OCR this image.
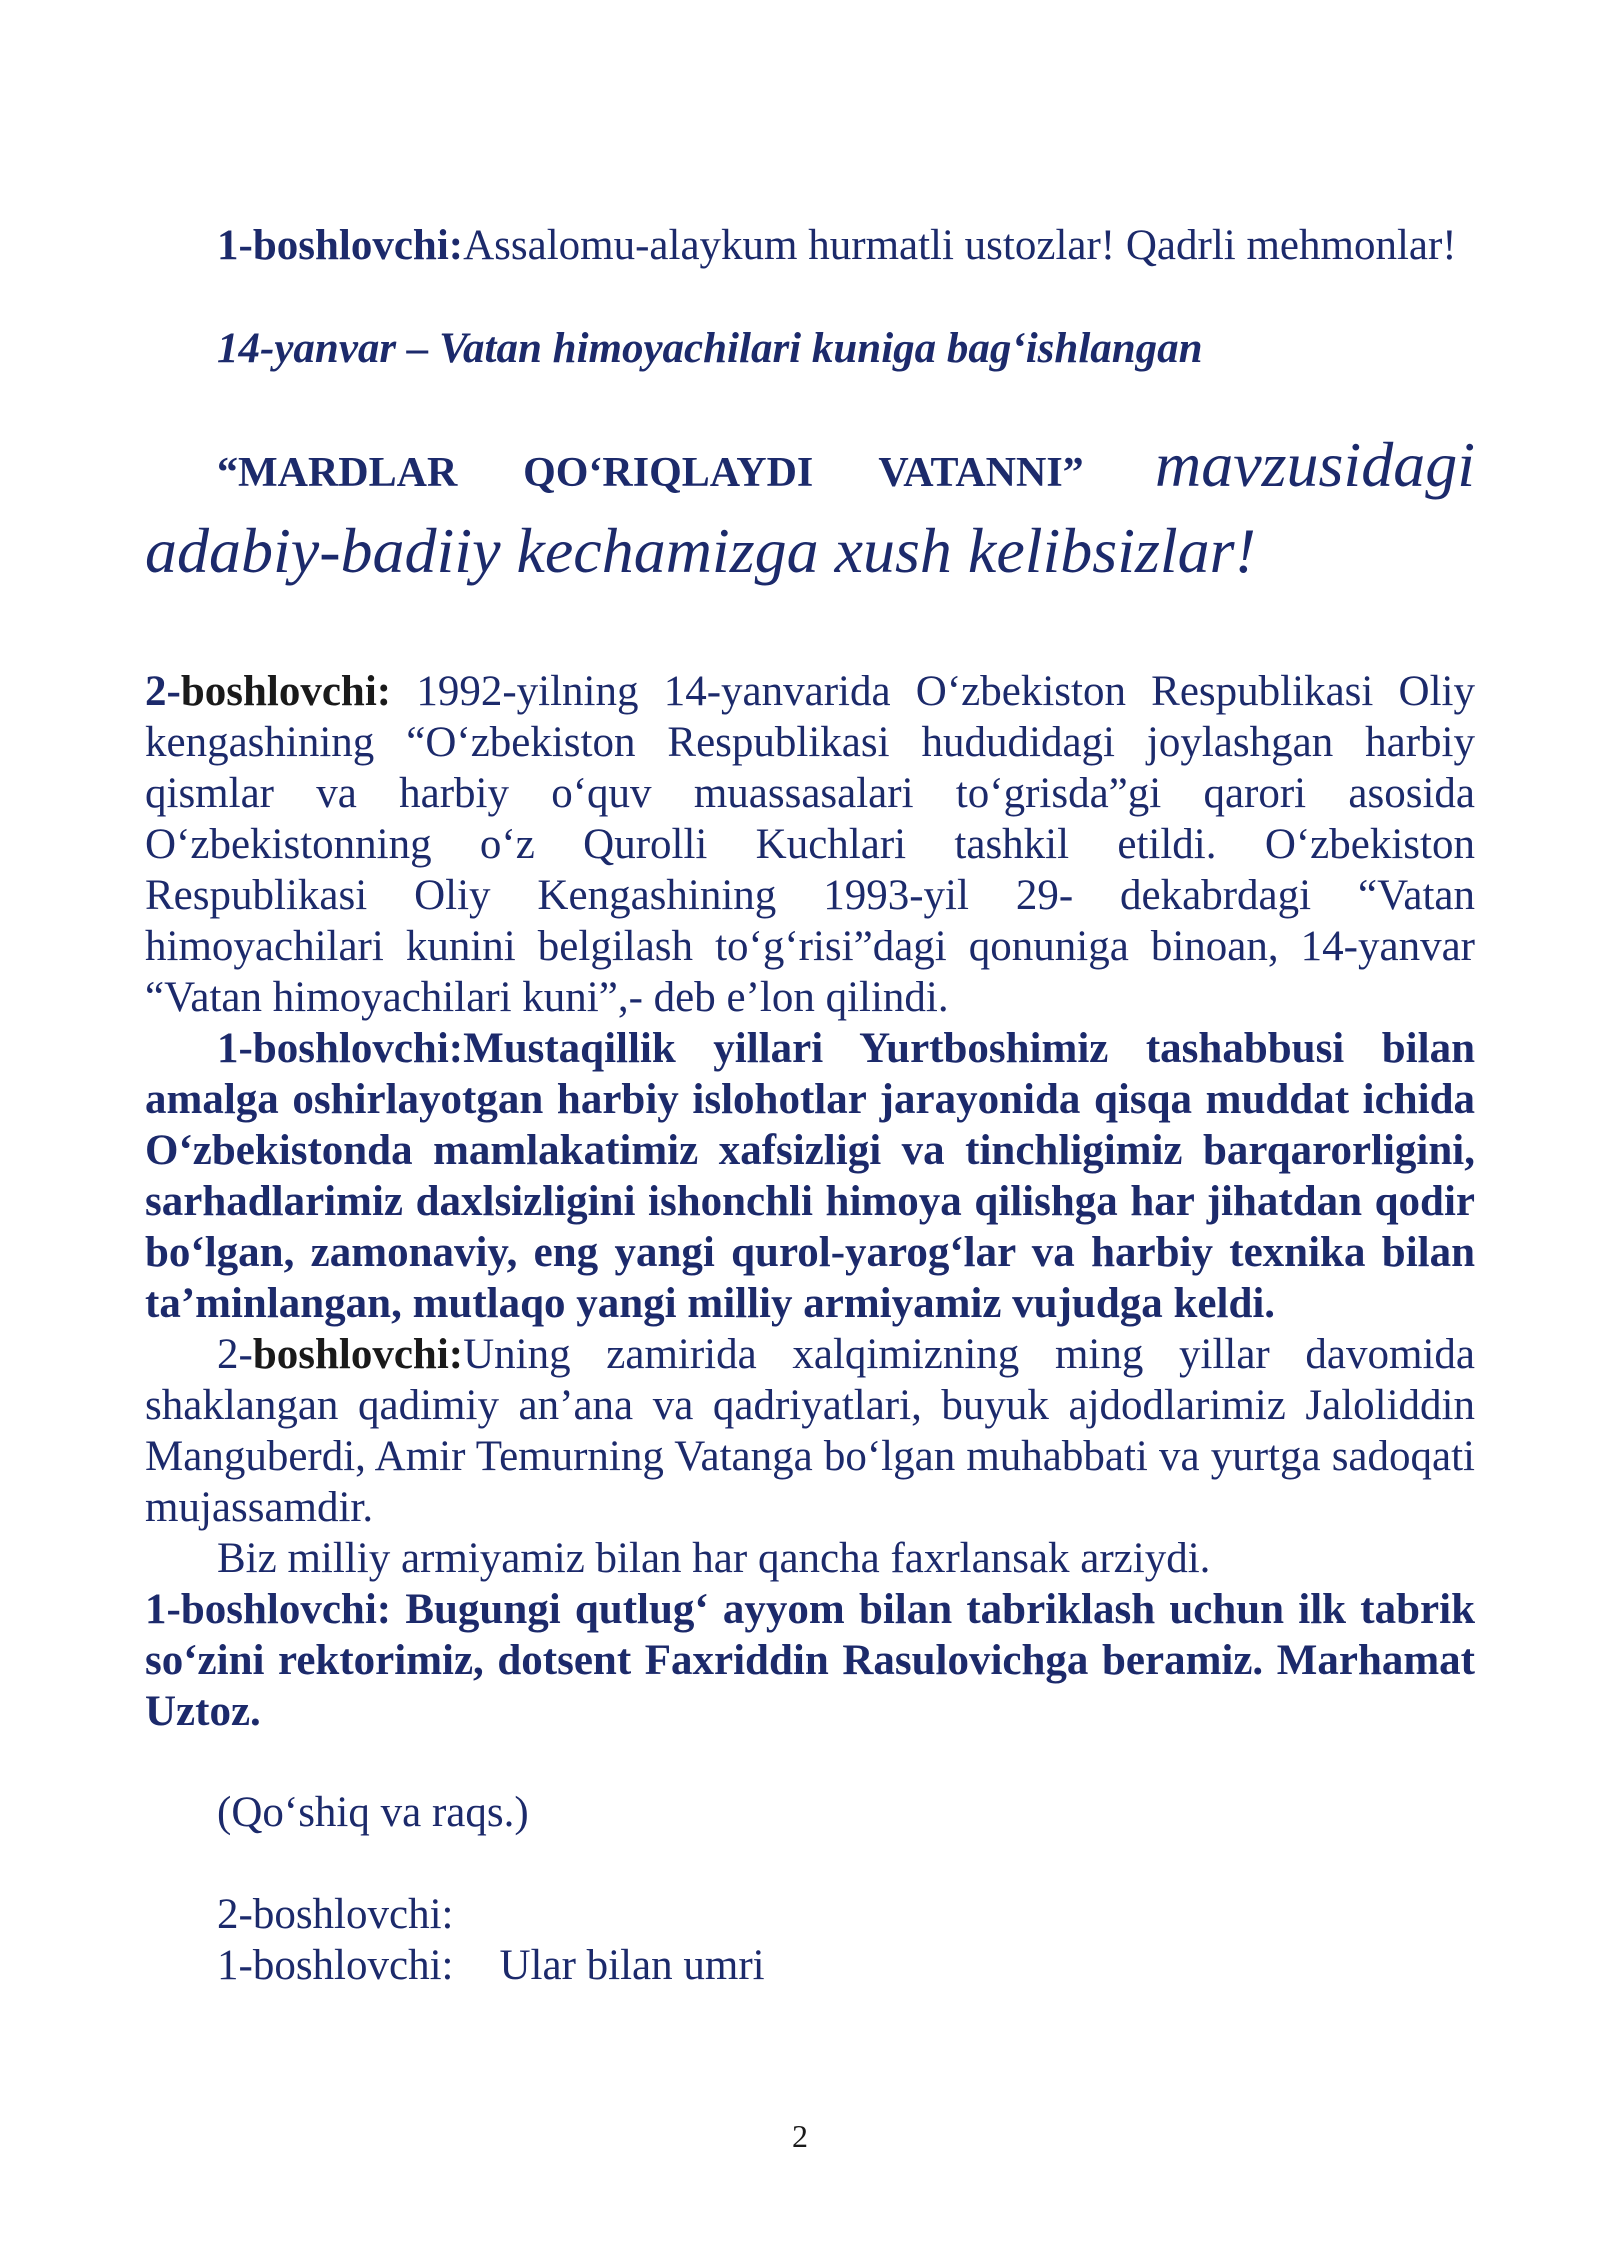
1-boshlovchi:Assalomu-alaykum hurmatli ustozlar! Qadrli mehmonlar!

14-yanvar – Vatan himoyachilari kuniga bag‘ishlangan

“MARDLAR QO‘RIQLAYDI VATANNI” mavzusidagi adabiy-badiiy kechamizga xush kelibsizlar!

2-boshlovchi: 1992-yilning 14-yanvarida O‘zbekiston Respublikasi Oliy kengashining “O‘zbekiston Respublikasi hududidagi joylashgan harbiy qismlar va harbiy o‘quv muassasalari to‘grisda”gi qarori asosida O‘zbekistonning o‘z Qurolli Kuchlari tashkil etildi. O‘zbekiston Respublikasi Oliy Kengashining 1993-yil 29- dekabrdagi “Vatan himoyachilari kunini belgilash to‘g‘risi”dagi qonuniga binoan, 14-yanvar “Vatan himoyachilari kuni”,- deb e’lon qilindi.

1-boshlovchi:Mustaqillik yillari Yurtboshimiz tashabbusi bilan amalga oshirlayotgan harbiy islohotlar jarayonida qisqa muddat ichida O‘zbekistonda mamlakatimiz xafsizligi va tinchligimiz barqarorligini, sarhadlarimiz daxlsizligini ishonchli himoya qilishga har jihatdan qodir bo‘lgan, zamonaviy, eng yangi qurol-yarog‘lar va harbiy texnika bilan ta’minlangan, mutlaqo yangi milliy armiyamiz vujudga keldi.

2-boshlovchi:Uning zamirida xalqimizning ming yillar davomida shaklangan qadimiy an’ana va qadriyatlari, buyuk ajdodlarimiz Jaloliddin Manguberdi, Amir Temurning Vatanga bo‘lgan muhabbati va yurtga sadoqati mujassamdir.

Biz milliy armiyamiz bilan har qancha faxrlansak arziydi.

1-boshlovchi: Bugungi qutlug‘ ayyom bilan tabriklash uchun ilk tabrik so‘zini rektorimiz, dotsent Faxriddin Rasulovichga beramiz. Marhamat Uztoz.

(Qo‘shiq va raqs.)

2-boshlovchi:

1-boshlovchi: Ular bilan umri
2
